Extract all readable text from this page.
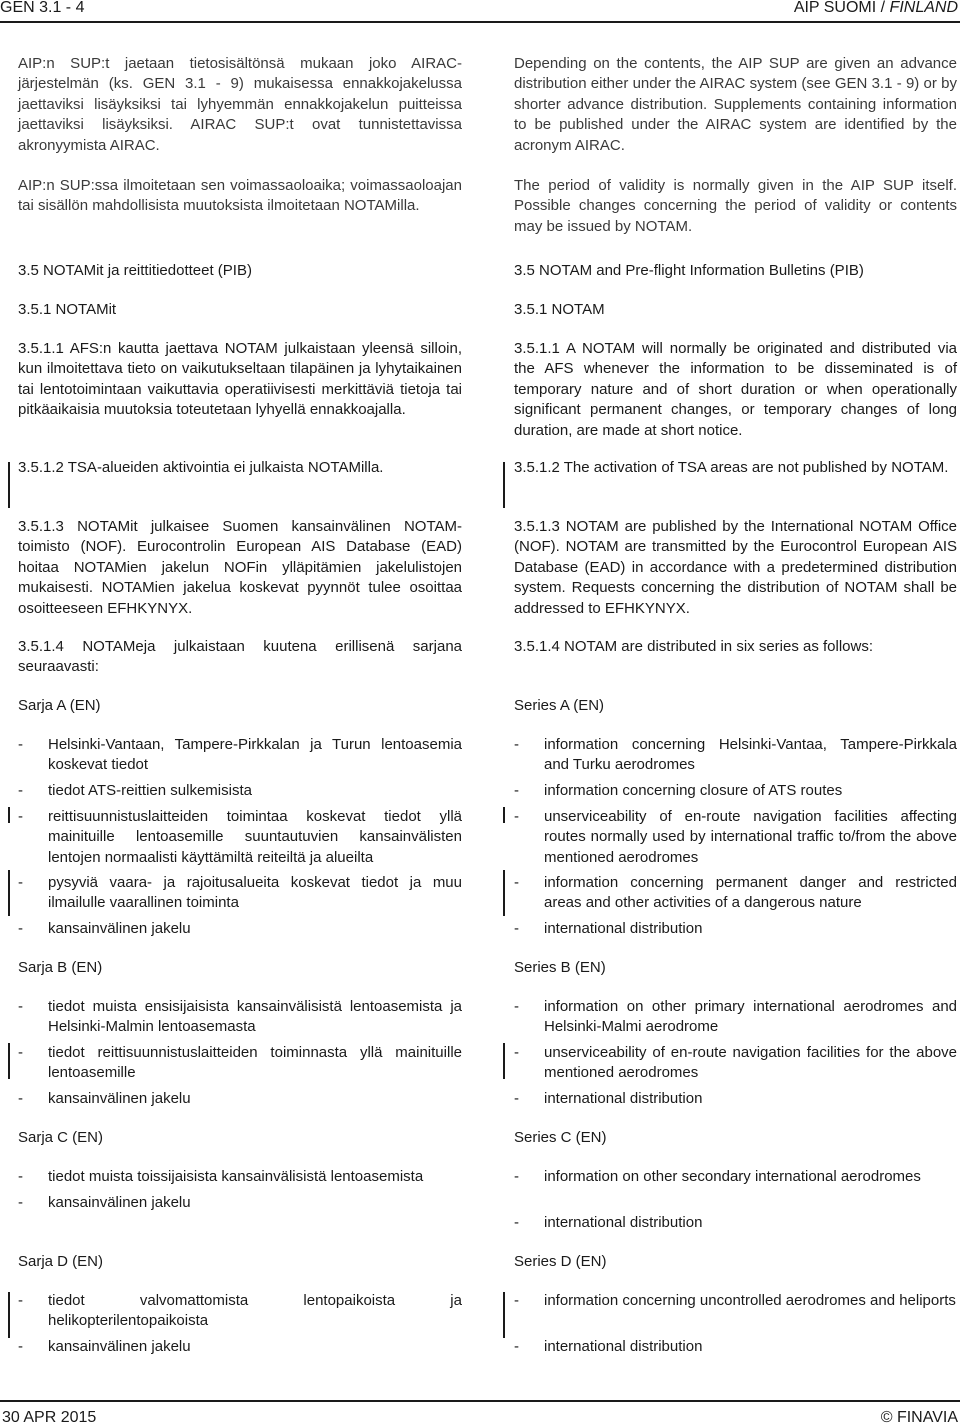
GEN 3.1 - 4	AIP SUOMI / FINLAND

AIP:n SUP:t jaetaan tietosisältönsä mukaan joko AIRAC-järjestelmän (ks. GEN 3.1 - 9) mukaisessa ennakkojakelussa jaettaviksi lisäyksiksi tai lyhyemmän ennakkojakelun puitteissa jaettaviksi lisäyksiksi. AIRAC SUP:t ovat tunnistettavissa akronyymista AIRAC.

AIP:n SUP:ssa ilmoitetaan sen voimassaoloaika; voimassaoloajan tai sisällön mahdollisista muutoksista ilmoitetaan NOTAMilla.

3.5 NOTAMit ja reittitiedotteet (PIB)

3.5.1 NOTAMit

3.5.1.1 AFS:n kautta jaettava NOTAM julkaistaan yleensä silloin, kun ilmoitettava tieto on vaikutukseltaan tilapäinen ja lyhytaikainen tai lentotoimintaan vaikuttavia operatiivisesti merkittäviä tietoja tai pitkäaikaisia muutoksia toteutetaan lyhyellä ennakkoajalla.

3.5.1.2 TSA-alueiden aktivointia ei julkaista NOTAMilla.

3.5.1.3 NOTAMit julkaisee Suomen kansainvälinen NOTAM-toimisto (NOF). Eurocontrolin European AIS Database (EAD) hoitaa NOTAMien jakelun NOFin ylläpitämien jakelulistojen mukaisesti. NOTAMien jakelua koskevat pyynnöt tulee osoittaa osoitteeseen EFHKYNYX.

3.5.1.4 NOTAMeja julkaistaan kuutena erillisenä sarjana seuraavasti:

Sarja A (EN)

- Helsinki-Vantaan, Tampere-Pirkkalan ja Turun lentoasemia koskevat tiedot
- tiedot ATS-reittien sulkemisista
- reittisuunnistuslaitteiden toimintaa koskevat tiedot yllä mainituille lentoasemille suuntautuvien kansainvälisten lentojen normaalisti käyttämiltä reiteiltä ja alueilta
- pysyviä vaara- ja rajoitusalueita koskevat tiedot ja muu ilmailulle vaarallinen toiminta
- kansainvälinen jakelu

Sarja B (EN)

- tiedot muista ensisijaisista kansainvälisistä lentoasemista ja Helsinki-Malmin lentoasemasta
- tiedot reittisuunnistuslaitteiden toiminnasta yllä mainituille lentoasemille
- kansainvälinen jakelu

Sarja C (EN)

- tiedot muista toissijaisista kansainvälisistä lentoasemista
- kansainvälinen jakelu

Sarja D (EN)

- tiedot valvomattomista lentopaikoista ja helikopterilentopaikoista
- kansainvälinen jakelu

Depending on the contents, the AIP SUP are given an advance distribution either under the AIRAC system (see GEN 3.1 - 9) or by shorter advance distribution. Supplements containing information to be published under the AIRAC system are identified by the acronym AIRAC.

The period of validity is normally given in the AIP SUP itself. Possible changes concerning the period of validity or contents may be issued by NOTAM.

3.5 NOTAM and Pre-flight Information Bulletins (PIB)

3.5.1 NOTAM

3.5.1.1 A NOTAM will normally be originated and distributed via the AFS whenever the information to be disseminated is of temporary nature and of short duration or when operationally significant permanent changes, or temporary changes of long duration, are made at short notice.

3.5.1.2 The activation of TSA areas are not published by NOTAM.

3.5.1.3 NOTAM are published by the International NOTAM Office (NOF). NOTAM are transmitted by the Eurocontrol European AIS Database (EAD) in accordance with a predetermined distribution system. Requests concerning the distribution of NOTAM shall be addressed to EFHKYNYX.

3.5.1.4 NOTAM are distributed in six series as follows:

Series A (EN)

- information concerning Helsinki-Vantaa, Tampere-Pirkkala and Turku aerodromes
- information concerning closure of ATS routes
- unserviceability of en-route navigation facilities affecting routes normally used by international traffic to/from the above mentioned aerodromes
- information concerning permanent danger and restricted areas and other activities of a dangerous nature
- international distribution

Series B (EN)

- information on other primary international aerodromes and Helsinki-Malmi aerodrome
- unserviceability of en-route navigation facilities for the above mentioned aerodromes
- international distribution

Series C (EN)

- information on other secondary international aerodromes
- international distribution

Series D (EN)

- information concerning uncontrolled aerodromes and heliports
- international distribution
30 APR 2015	© FINAVIA
